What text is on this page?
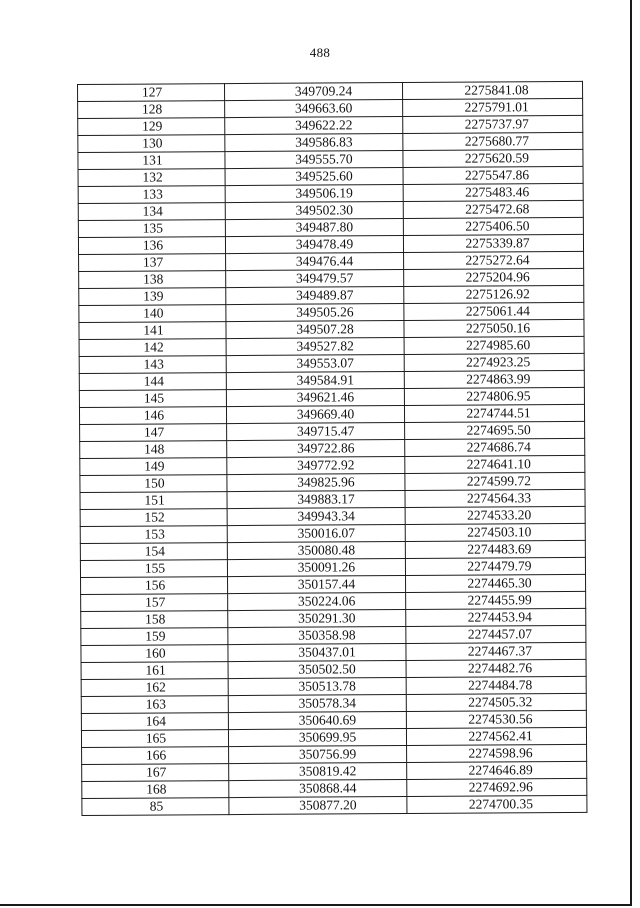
488
127	349709.24	2275841.08
128	349663.60	2275791.01
129	349622.22	2275737.97
130	349586.83	2275680.77
131	349555.70	2275620.59
132	349525.60	2275547.86
133	349506.19	2275483.46
134	349502.30	2275472.68
135	349487.80	2275406.50
136	349478.49	2275339.87
137	349476.44	2275272.64
138	349479.57	2275204.96
139	349489.87	2275126.92
140	349505.26	2275061.44
141	349507.28	2275050.16
142	349527.82	2274985.60
143	349553.07	2274923.25
144	349584.91	2274863.99
145	349621.46	2274806.95
146	349669.40	2274744.51
147	349715.47	2274695.50
148	349722.86	2274686.74
149	349772.92	2274641.10
150	349825.96	2274599.72
151	349883.17	2274564.33
152	349943.34	2274533.20
153	350016.07	2274503.10
154	350080.48	2274483.69
155	350091.26	2274479.79
156	350157.44	2274465.30
157	350224.06	2274455.99
158	350291.30	2274453.94
159	350358.98	2274457.07
160	350437.01	2274467.37
161	350502.50	2274482.76
162	350513.78	2274484.78
163	350578.34	2274505.32
164	350640.69	2274530.56
165	350699.95	2274562.41
166	350756.99	2274598.96
167	350819.42	2274646.89
168	350868.44	2274692.96
85	350877.20	2274700.35
